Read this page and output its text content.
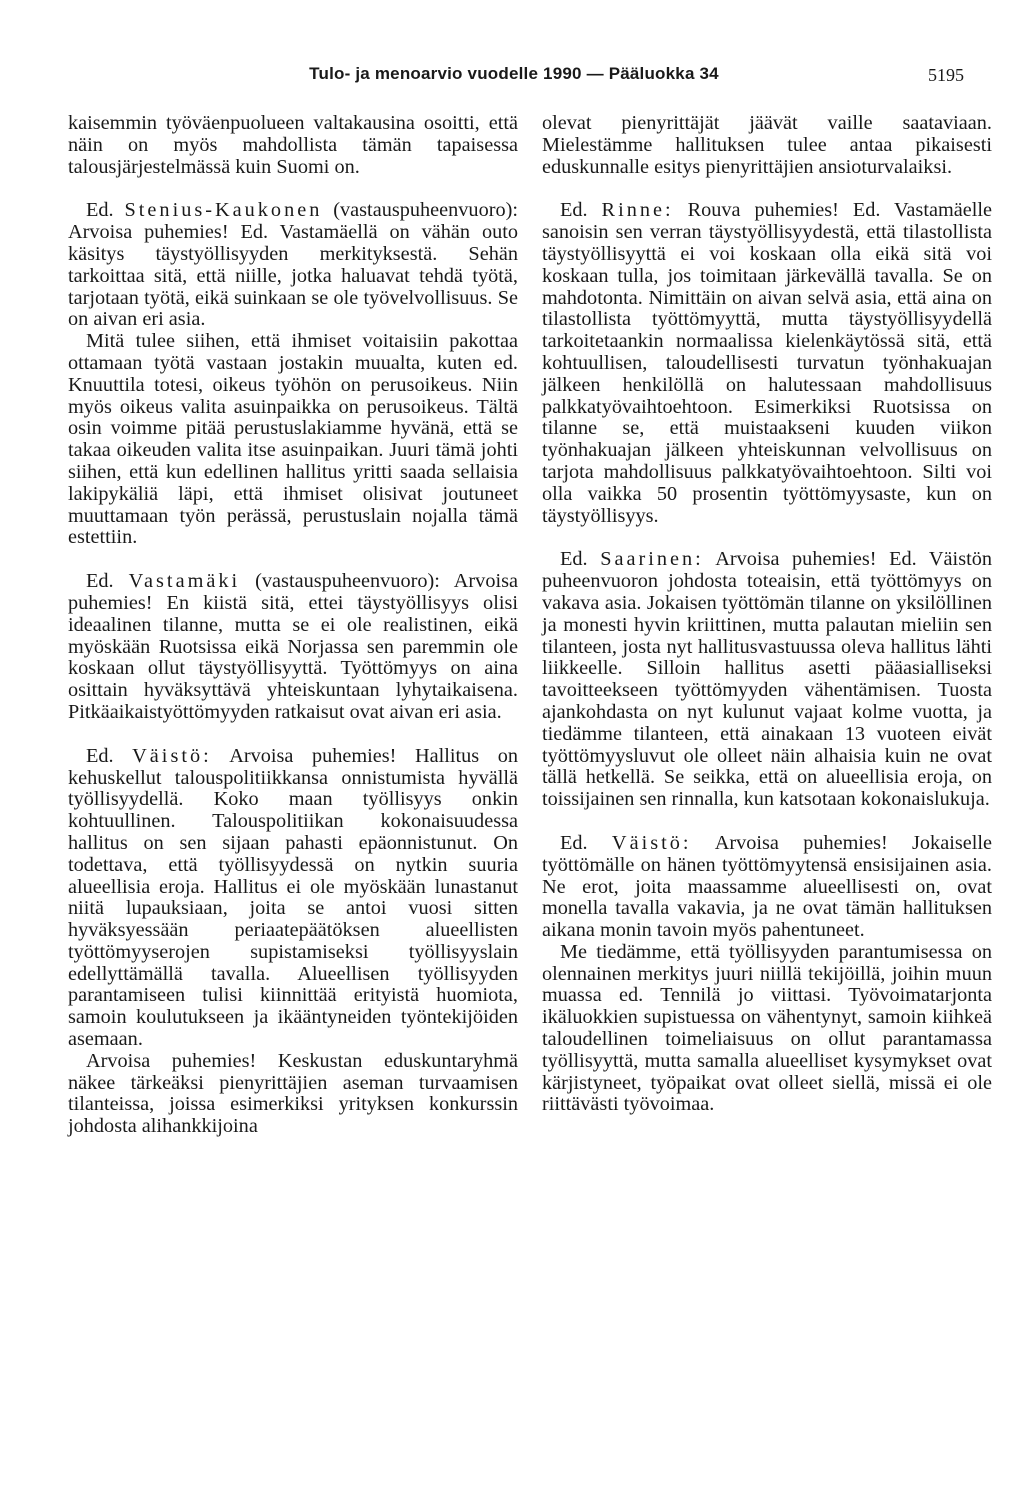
Tulo- ja menoarvio vuodelle 1990 — Pääluokka 34	5195

kaisemmin työväenpuolueen valtakausina osoitti, että näin on myös mahdollista tämän tapaisessa talousjärjestelmässä kuin Suomi on.

Ed. Stenius-Kaukonen (vastauspuheenvuoro): Arvoisa puhemies! Ed. Vastamäellä on vähän outo käsitys täystyöllisyyden merkityksestä. Sehän tarkoittaa sitä, että niille, jotka haluavat tehdä työtä, tarjotaan työtä, eikä suinkaan se ole työvelvollisuus. Se on aivan eri asia.

Mitä tulee siihen, että ihmiset voitaisiin pakottaa ottamaan työtä vastaan jostakin muualta, kuten ed. Knuuttila totesi, oikeus työhön on perusoikeus. Niin myös oikeus valita asuinpaikka on perusoikeus. Tältä osin voimme pitää perustuslakiamme hyvänä, että se takaa oikeuden valita itse asuinpaikan. Juuri tämä johti siihen, että kun edellinen hallitus yritti saada sellaisia lakipykäliä läpi, että ihmiset olisivat joutuneet muuttamaan työn perässä, perustuslain nojalla tämä estettiin.

Ed. Vastamäki (vastauspuheenvuoro): Arvoisa puhemies! En kiistä sitä, ettei täystyöllisyys olisi ideaalinen tilanne, mutta se ei ole realistinen, eikä myöskään Ruotsissa eikä Norjassa sen paremmin ole koskaan ollut täystyöllisyyttä. Työttömyys on aina osittain hyväksyttävä yhteiskuntaan lyhytaikaisena. Pitkäaikaistyöttömyyden ratkaisut ovat aivan eri asia.

Ed. Väistö: Arvoisa puhemies! Hallitus on kehuskellut talouspolitiikkansa onnistumista hyvällä työllisyydellä. Koko maan työllisyys onkin kohtuullinen. Talouspolitiikan kokonaisuudessa hallitus on sen sijaan pahasti epäonnistunut. On todettava, että työllisyydessä on nytkin suuria alueellisia eroja. Hallitus ei ole myöskään lunastanut niitä lupauksiaan, joita se antoi vuosi sitten hyväksyessään periaatepäätöksen alueellisten työttömyyserojen supistamiseksi työllisyyslain edellyttämällä tavalla. Alueellisen työllisyyden parantamiseen tulisi kiinnittää erityistä huomiota, samoin koulutukseen ja ikääntyneiden työntekijöiden asemaan.

Arvoisa puhemies! Keskustan eduskuntaryhmä näkee tärkeäksi pienyrittäjien aseman turvaamisen tilanteissa, joissa esimerkiksi yrityksen konkurssin johdosta alihankkijoina

olevat pienyrittäjät jäävät vaille saataviaan. Mielestämme hallituksen tulee antaa pikaisesti eduskunnalle esitys pienyrittäjien ansioturvalaiksi.

Ed. Rinne: Rouva puhemies! Ed. Vastamäelle sanoisin sen verran täystyöllisyydestä, että tilastollista täystyöllisyyttä ei voi koskaan olla eikä sitä voi koskaan tulla, jos toimitaan järkevällä tavalla. Se on mahdotonta. Nimittäin on aivan selvä asia, että aina on tilastollista työttömyyttä, mutta täystyöllisyydellä tarkoitetaankin normaalissa kielenkäytössä sitä, että kohtuullisen, taloudellisesti turvatun työnhakuajan jälkeen henkilöllä on halutessaan mahdollisuus palkkatyövaihtoehtoon. Esimerkiksi Ruotsissa on tilanne se, että muistaakseni kuuden viikon työnhakuajan jälkeen yhteiskunnan velvollisuus on tarjota mahdollisuus palkkatyövaihtoehtoon. Silti voi olla vaikka 50 prosentin työttömyysaste, kun on täystyöllisyys.

Ed. Saarinen: Arvoisa puhemies! Ed. Väistön puheenvuoron johdosta toteaisin, että työttömyys on vakava asia. Jokaisen työttömän tilanne on yksilöllinen ja monesti hyvin kriittinen, mutta palautan mieliin sen tilanteen, josta nyt hallitusvastuussa oleva hallitus lähti liikkeelle. Silloin hallitus asetti pääasialliseksi tavoitteekseen työttömyyden vähentämisen. Tuosta ajankohdasta on nyt kulunut vajaat kolme vuotta, ja tiedämme tilanteen, että ainakaan 13 vuoteen eivät työttömyysluvut ole olleet näin alhaisia kuin ne ovat tällä hetkellä. Se seikka, että on alueellisia eroja, on toissijainen sen rinnalla, kun katsotaan kokonaislukuja.

Ed. Väistö: Arvoisa puhemies! Jokaiselle työttömälle on hänen työttömyytensä ensisijainen asia. Ne erot, joita maassamme alueellisesti on, ovat monella tavalla vakavia, ja ne ovat tämän hallituksen aikana monin tavoin myös pahentuneet.

Me tiedämme, että työllisyyden parantumisessa on olennainen merkitys juuri niillä tekijöillä, joihin muun muassa ed. Tennilä jo viittasi. Työvoimatarjonta ikäluokkien supistuessa on vähentynyt, samoin kiihkeä taloudellinen toimeliaisuus on ollut parantamassa työllisyyttä, mutta samalla alueelliset kysymykset ovat kärjistyneet, työpaikat ovat olleet siellä, missä ei ole riittävästi työvoimaa.
